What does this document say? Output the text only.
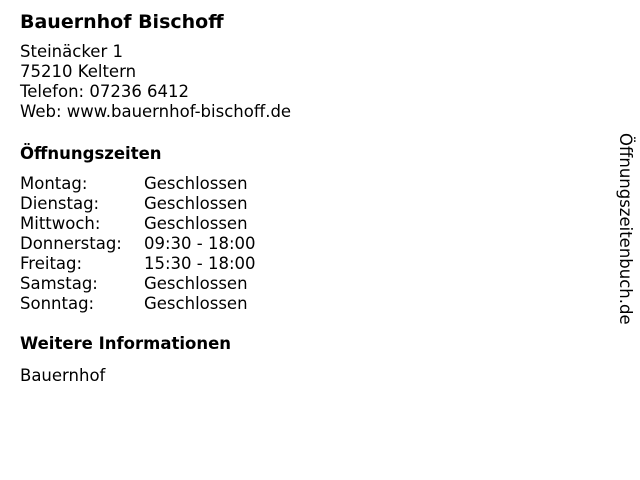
Bauernhof Bischoff
Steinäcker 1
75210 Keltern
Telefon: 07236 6412
Web: www.bauernhof-bischoff.de
Öffnungszeiten
Montag:	Geschlossen
Dienstag:	Geschlossen
Mittwoch:	Geschlossen
Donnerstag:	09:30 - 18:00
Freitag:	15:30 - 18:00
Samstag:	Geschlossen
Sonntag:	Geschlossen
Weitere Informationen
Bauernhof
Öffnungszeitenbuch.de
